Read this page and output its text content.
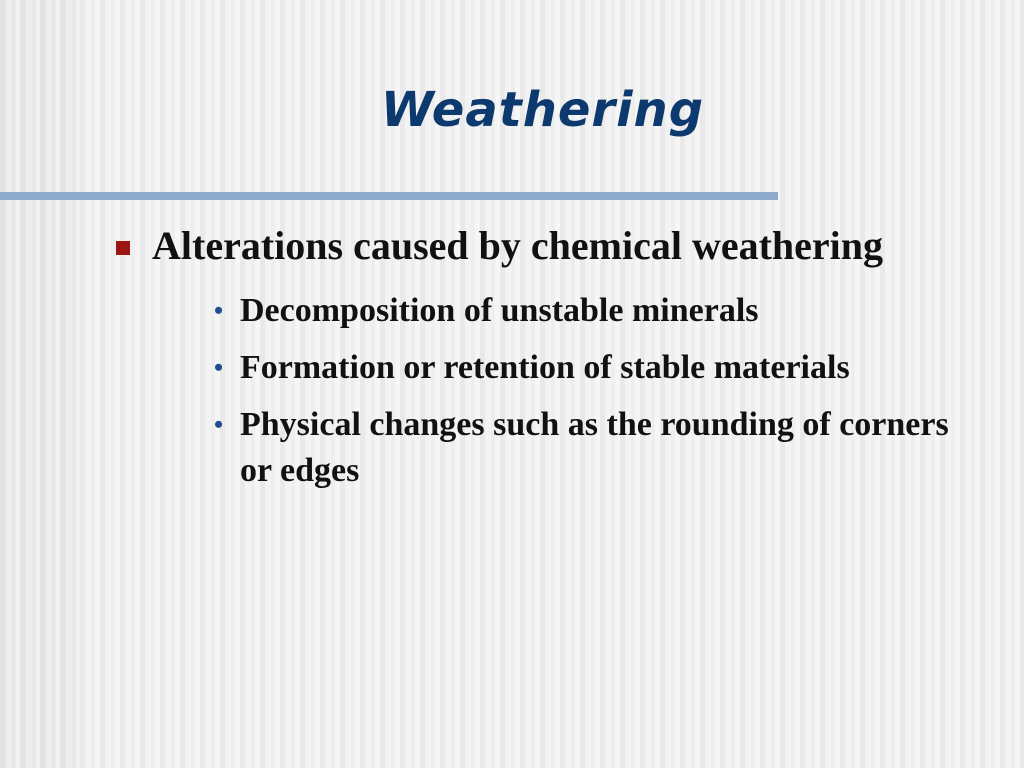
Weathering
Alterations caused by chemical weathering
• Decomposition of unstable minerals
• Formation or retention of stable materials
• Physical changes such as the rounding of corners or edges
